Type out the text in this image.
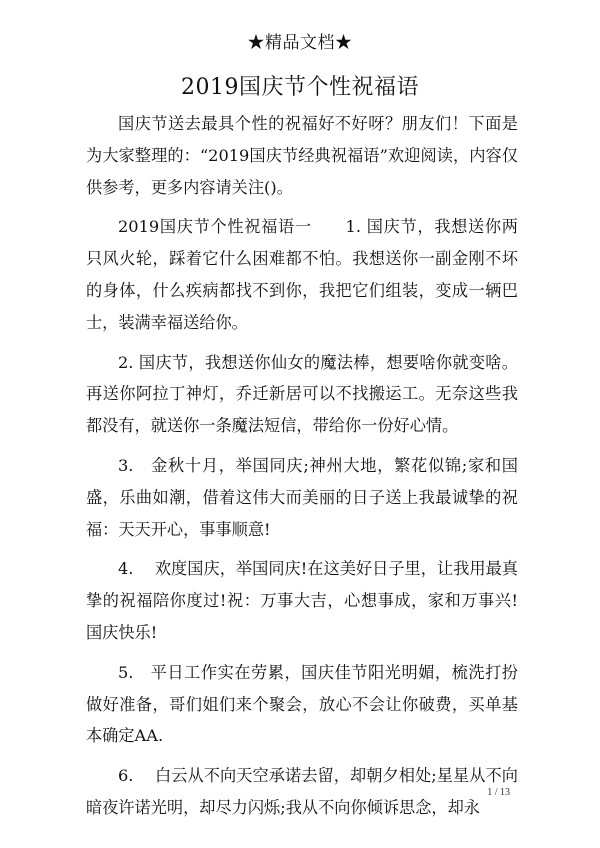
★精品文档★
2019国庆节个性祝福语

国庆节送去最具个性的祝福好不好呀？朋友们！下面是为大家整理的：“2019国庆节经典祝福语”欢迎阅读，内容仅供参考，更多内容请关注()。

2019国庆节个性祝福语一　　1. 国庆节，我想送你两只风火轮，踩着它什么困难都不怕。我想送你一副金刚不坏的身体，什么疾病都找不到你，我把它们组装，变成一辆巴士，装满幸福送给你。

2. 国庆节，我想送你仙女的魔法棒，想要啥你就变啥。再送你阿拉丁神灯，乔迁新居可以不找搬运工。无奈这些我都没有，就送你一条魔法短信，带给你一份好心情。

3.　金秋十月，举国同庆;神州大地，繁花似锦;家和国盛，乐曲如潮，借着这伟大而美丽的日子送上我最诚挚的祝福：天天开心，事事顺意!

4.　 欢度国庆，举国同庆!在这美好日子里，让我用最真挚的祝福陪你度过!祝：万事大吉，心想事成，家和万事兴!国庆快乐!

5.　平日工作实在劳累，国庆佳节阳光明媚，梳洗打扮做好准备，哥们姐们来个聚会，放心不会让你破费，买单基本确定AA.

6.　 白云从不向天空承诺去留，却朝夕相处;星星从不向暗夜许诺光明，却尽力闪烁;我从不向你倾诉思念，却永

1 / 13
